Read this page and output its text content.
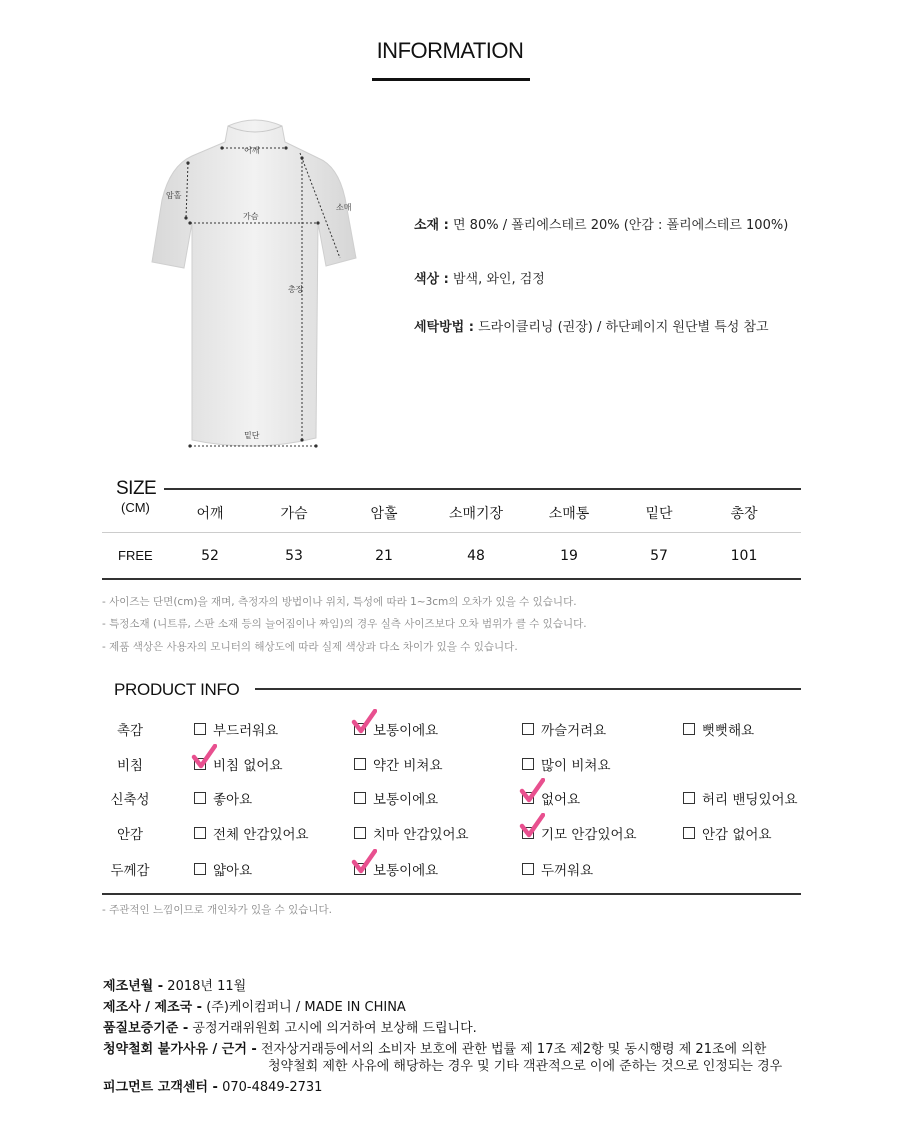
INFORMATION
어깨
암홀
가슴
소매
총장
밑단
소재 : 면 80% / 폴리에스테르 20% (안감 : 폴리에스테르 100%)
색상 : 밤색, 와인, 검정
세탁방법 : 드라이클리닝 (권장) / 하단페이지 원단별 특성 참고
SIZE
(CM)	어깨	가슴	암홀	소매기장	소매통	밑단	총장
FREE	52	53	21	48	19	57	101
- 사이즈는 단면(cm)을 재며, 측정자의 방법이나 위치, 특성에 따라 1~3cm의 오차가 있을 수 있습니다.
- 특정소재 (니트류, 스판 소재 등의 늘어짐이나 짜임)의 경우 실측 사이즈보다 오차 범위가 클 수 있습니다.
- 제품 색상은 사용자의 모니터의 해상도에 따라 실제 색상과 다소 차이가 있을 수 있습니다.
PRODUCT INFO
촉감	부드러워요	보통이에요	까슬거려요	뻣뻣해요
비침	비침 없어요	약간 비쳐요	많이 비쳐요
신축성	좋아요	보통이에요	없어요	허리 밴딩있어요
안감	전체 안감있어요	치마 안감있어요	기모 안감있어요	안감 없어요
두께감	얇아요	보통이에요	두꺼워요
- 주관적인 느낌이므로 개인차가 있을 수 있습니다.
제조년월 - 2018년 11월
제조사 / 제조국 - (주)케이컴퍼니 / MADE IN CHINA
품질보증기준 - 공정거래위원회 고시에 의거하여 보상해 드립니다.
청약철회 불가사유 / 근거 - 전자상거래등에서의 소비자 보호에 관한 법률 제 17조 제2항 및 동시행령 제 21조에 의한
청약철회 제한 사유에 해당하는 경우 및 기타 객관적으로 이에 준하는 것으로 인정되는 경우
피그먼트 고객센터 - 070-4849-2731
